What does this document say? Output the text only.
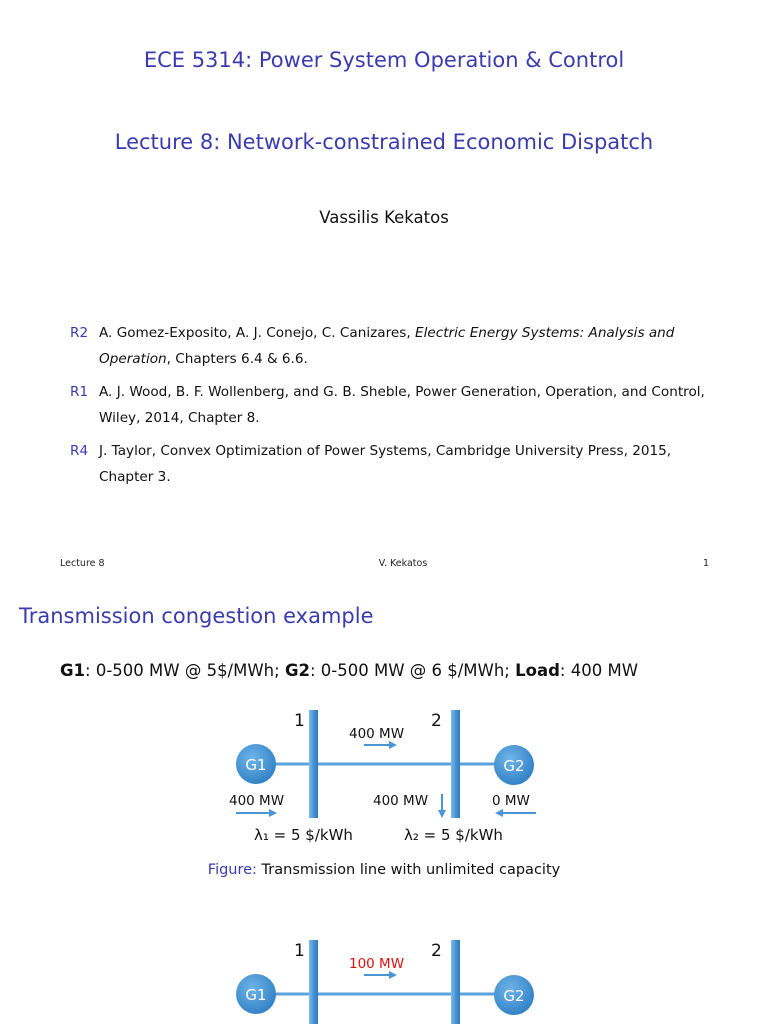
ECE 5314: Power System Operation & Control
Lecture 8: Network-constrained Economic Dispatch
Vassilis Kekatos
R2 A. Gomez-Exposito, A. J. Conejo, C. Canizares, Electric Energy Systems: Analysis and Operation, Chapters 6.4 & 6.6.
R1 A. J. Wood, B. F. Wollenberg, and G. B. Sheble, Power Generation, Operation, and Control, Wiley, 2014, Chapter 8.
R4 J. Taylor, Convex Optimization of Power Systems, Cambridge University Press, 2015, Chapter 3.
Lecture 8	V. Kekatos	1
Transmission congestion example
G1: 0-500 MW @ 5$/MWh; G2: 0-500 MW @ 6 $/MWh; Load: 400 MW
1	2
G1	G2
400 MW
400 MW	400 MW	0 MW
λ₁ = 5 $/kWh	λ₂ = 5 $/kWh
Figure: Transmission line with unlimited capacity
1	2
G1	G2
100 MW
